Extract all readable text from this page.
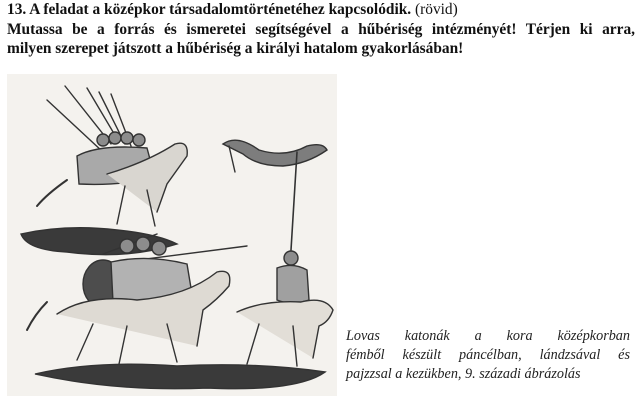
13. A feladat a középkor társadalomtörténetéhez kapcsolódik. (rövid)
Mutassa be a forrás és ismeretei segítségével a hűbériség intézményét! Térjen ki arra,
milyen szerepet játszott a hűbériség a királyi hatalom gyakorlásában!
Lovas katonák a kora középkorban
fémből készült páncélban, lándzsával és
pajzzsal a kezükben, 9. századi ábrázolás
